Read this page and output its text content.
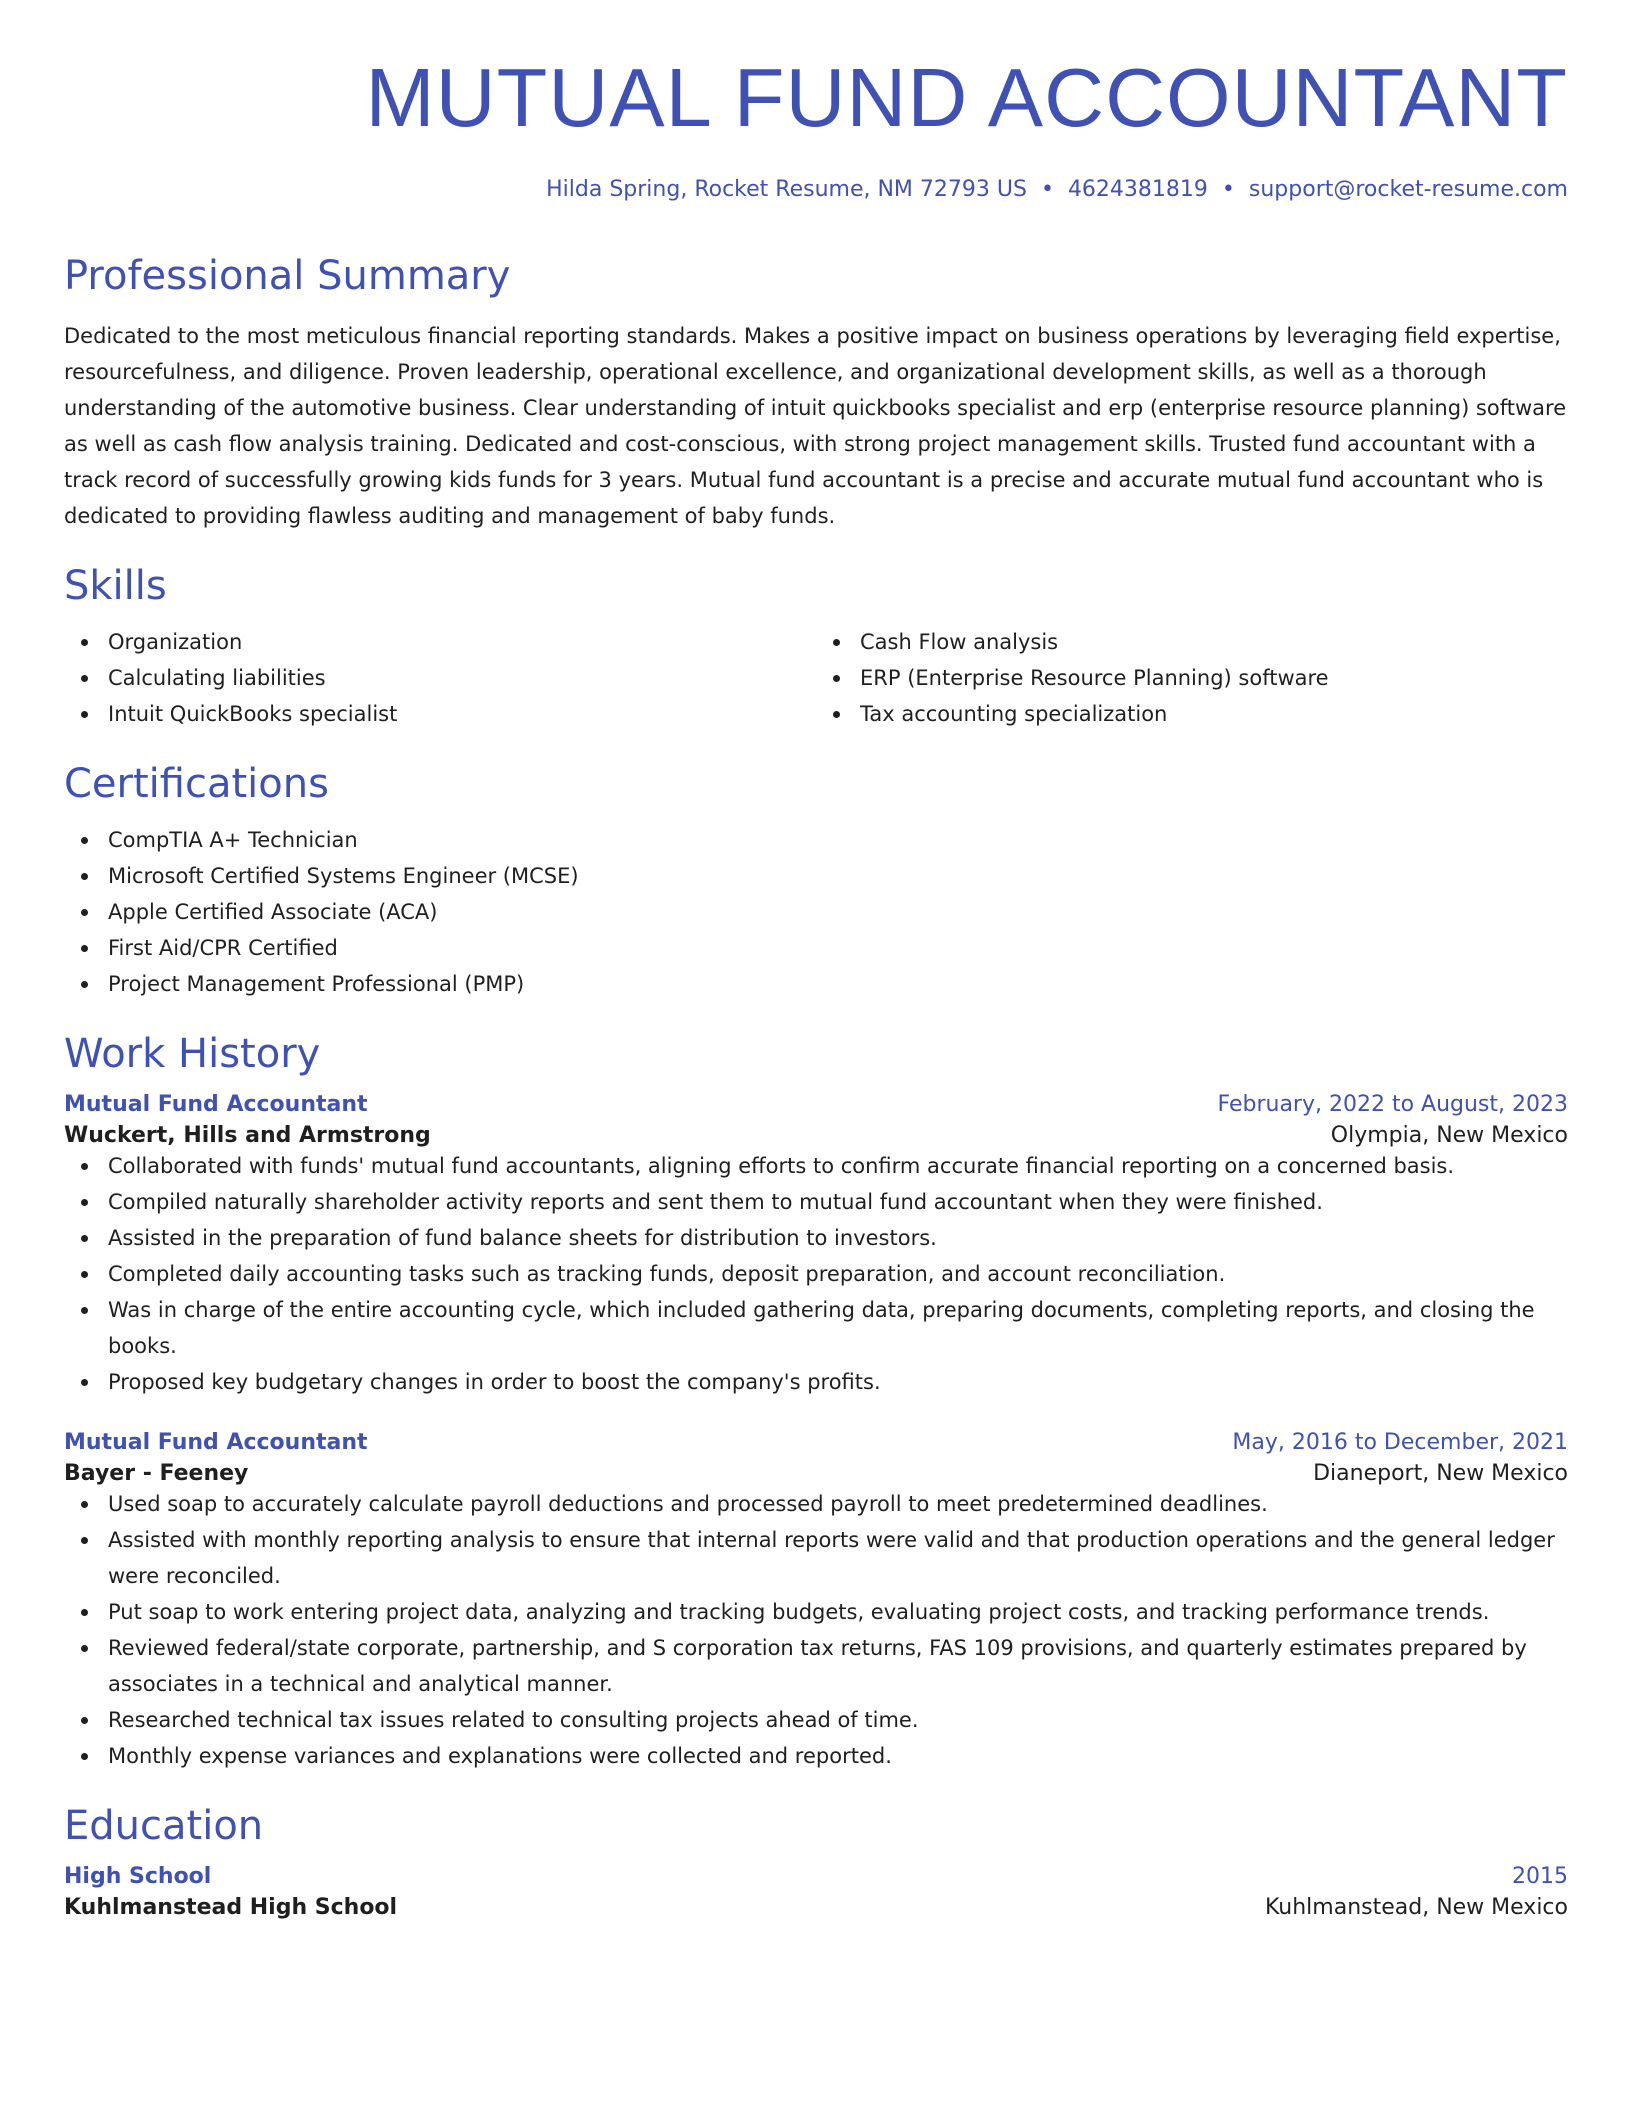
MUTUAL FUND ACCOUNTANT
Hilda Spring, Rocket Resume, NM 72793 US • 4624381819 • support@rocket-resume.com
Professional Summary

Dedicated to the most meticulous financial reporting standards. Makes a positive impact on business operations by leveraging field expertise, resourcefulness, and diligence. Proven leadership, operational excellence, and organizational development skills, as well as a thorough understanding of the automotive business. Clear understanding of intuit quickbooks specialist and erp (enterprise resource planning) software as well as cash flow analysis training. Dedicated and cost-conscious, with strong project management skills. Trusted fund accountant with a track record of successfully growing kids funds for 3 years. Mutual fund accountant is a precise and accurate mutual fund accountant who is dedicated to providing flawless auditing and management of baby funds.

Skills
Organization
Calculating liabilities
Intuit QuickBooks specialist
Cash Flow analysis
ERP (Enterprise Resource Planning) software
Tax accounting specialization
Certifications
CompTIA A+ Technician
Microsoft Certified Systems Engineer (MCSE)
Apple Certified Associate (ACA)
First Aid/CPR Certified
Project Management Professional (PMP)
Work History
Mutual Fund Accountant	February, 2022 to August, 2023
Wuckert, Hills and Armstrong	Olympia, New Mexico
Collaborated with funds' mutual fund accountants, aligning efforts to confirm accurate financial reporting on a concerned basis.
Compiled naturally shareholder activity reports and sent them to mutual fund accountant when they were finished.
Assisted in the preparation of fund balance sheets for distribution to investors.
Completed daily accounting tasks such as tracking funds, deposit preparation, and account reconciliation.
Was in charge of the entire accounting cycle, which included gathering data, preparing documents, completing reports, and closing the books.
Proposed key budgetary changes in order to boost the company's profits.
Mutual Fund Accountant	May, 2016 to December, 2021
Bayer - Feeney	Dianeport, New Mexico
Used soap to accurately calculate payroll deductions and processed payroll to meet predetermined deadlines.
Assisted with monthly reporting analysis to ensure that internal reports were valid and that production operations and the general ledger were reconciled.
Put soap to work entering project data, analyzing and tracking budgets, evaluating project costs, and tracking performance trends.
Reviewed federal/state corporate, partnership, and S corporation tax returns, FAS 109 provisions, and quarterly estimates prepared by associates in a technical and analytical manner.
Researched technical tax issues related to consulting projects ahead of time.
Monthly expense variances and explanations were collected and reported.
Education
High School	2015
Kuhlmanstead High School	Kuhlmanstead, New Mexico
